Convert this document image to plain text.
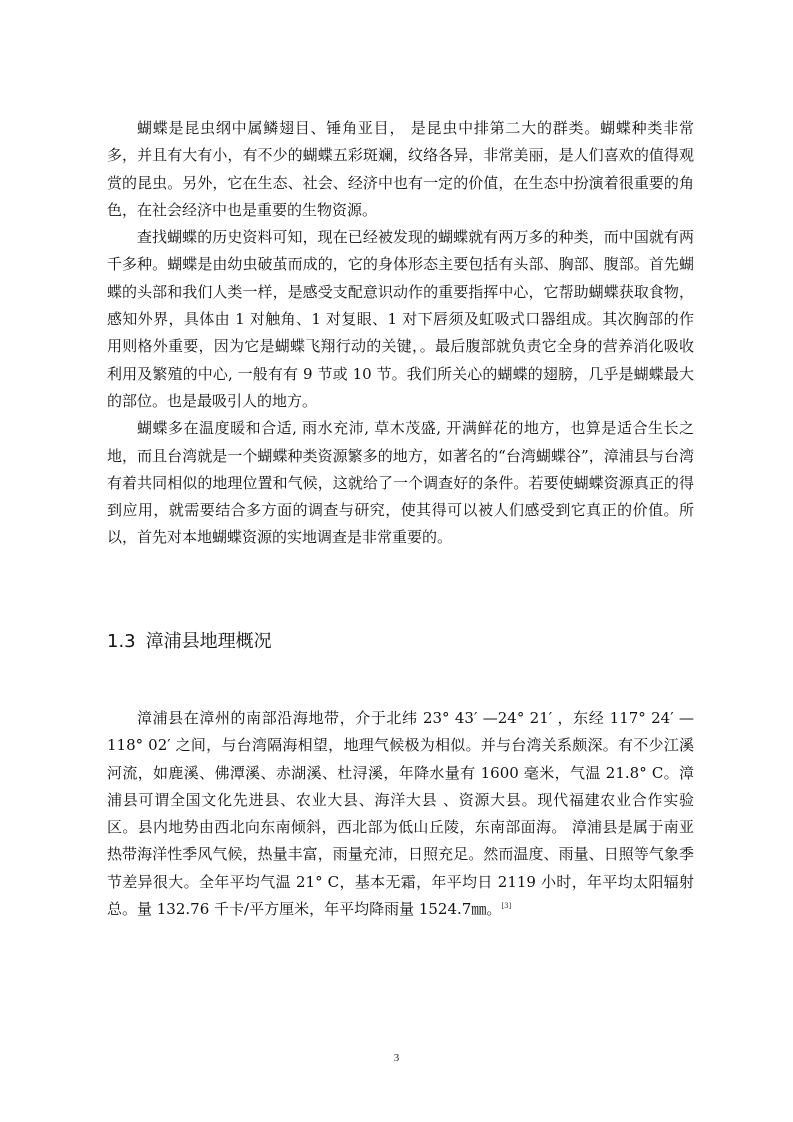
蝴蝶是昆虫纲中属鳞翅目、锤角亚目， 是昆虫中排第二大的群类。蝴蝶种类非常多，并且有大有小，有不少的蝴蝶五彩斑斓，纹络各异，非常美丽，是人们喜欢的值得观赏的昆虫。另外，它在生态、社会、经济中也有一定的价值，在生态中扮演着很重要的角色，在社会经济中也是重要的生物资源。

查找蝴蝶的历史资料可知，现在已经被发现的蝴蝶就有两万多的种类，而中国就有两千多种。蝴蝶是由幼虫破茧而成的，它的身体形态主要包括有头部、胸部、腹部。首先蝴蝶的头部和我们人类一样，是感受支配意识动作的重要指挥中心，它帮助蝴蝶获取食物，感知外界，具体由 1 对触角、1 对复眼、1 对下唇须及虹吸式口器组成。其次胸部的作用则格外重要，因为它是蝴蝶飞翔行动的关键，。最后腹部就负责它全身的营养消化吸收利用及繁殖的中心, 一般有有 9 节或 10 节。我们所关心的蝴蝶的翅膀，几乎是蝴蝶最大的部位。也是最吸引人的地方。

蝴蝶多在温度暖和合适, 雨水充沛, 草木茂盛, 开满鲜花的地方，也算是适合生长之地，而且台湾就是一个蝴蝶种类资源繁多的地方，如著名的“台湾蝴蝶谷”，漳浦县与台湾有着共同相似的地理位置和气候，这就给了一个调查好的条件。若要使蝴蝶资源真正的得到应用，就需要结合多方面的调查与研究，使其得可以被人们感受到它真正的价值。所以，首先对本地蝴蝶资源的实地调查是非常重要的。

1.3 漳浦县地理概况

漳浦县在漳州的南部沿海地带，介于北纬 23° 43′ —24° 21′ ，东经 117° 24′ —118° 02′ 之间，与台湾隔海相望，地理气候极为相似。并与台湾关系颇深。有不少江溪河流，如鹿溪、佛潭溪、赤湖溪、杜浔溪，年降水量有 1600 毫米，气温 21.8° C。漳浦县可谓全国文化先进县、农业大县、海洋大县 、资源大县。现代福建农业合作实验区。县内地势由西北向东南倾斜，西北部为低山丘陵，东南部面海。 漳浦县是属于南亚热带海洋性季风气候，热量丰富，雨量充沛，日照充足。然而温度、雨量、日照等气象季节差异很大。全年平均气温 21° C，基本无霜，年平均日 2119 小时，年平均太阳辐射总。量 132.76 千卡/平方厘米，年平均降雨量 1524.7㎜。[3]

3
